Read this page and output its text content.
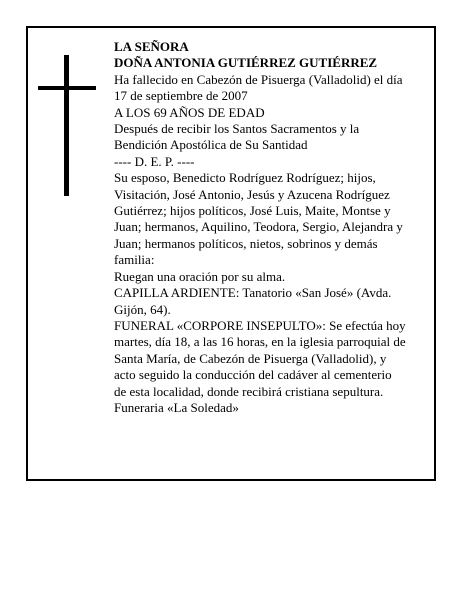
LA SEÑORA

DOÑA ANTONIA GUTIÉRREZ GUTIÉRREZ

Ha fallecido en Cabezón de Pisuerga (Valladolid) el día

17 de septiembre de 2007

A LOS 69 AÑOS DE EDAD

Después de recibir los Santos Sacramentos y la

Bendición Apostólica de Su Santidad

---- D. E. P. ----

Su esposo, Benedicto Rodríguez Rodríguez; hijos,

Visitación, José Antonio, Jesús y Azucena Rodríguez

Gutiérrez; hijos políticos, José Luis, Maite, Montse y

Juan; hermanos, Aquilino, Teodora, Sergio, Alejandra y

Juan; hermanos políticos, nietos, sobrinos y demás

familia:

Ruegan una oración por su alma.

CAPILLA ARDIENTE: Tanatorio «San José» (Avda.

Gijón, 64).

FUNERAL «CORPORE INSEPULTO»: Se efectúa hoy

martes, día 18, a las 16 horas, en la iglesia parroquial de

Santa María, de Cabezón de Pisuerga (Valladolid), y

acto seguido la conducción del cadáver al cementerio

de esta localidad, donde recibirá cristiana sepultura.

Funeraria «La Soledad»
